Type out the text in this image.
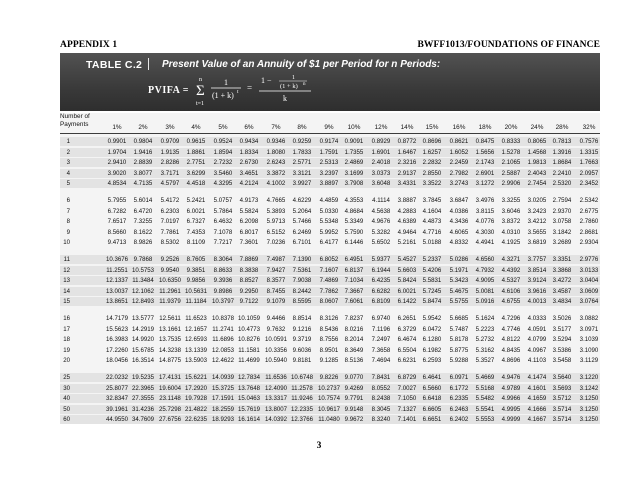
APPENDIX 1	BWFF1013/FOUNDATIONS OF FINANCE
TABLE C.2 Present Value of an Annuity of $1 per Period for n Periods:
PVIFA =
n
Σ
t=1
1
(1 + k) t =
1 −	1
(1 + k) n
k
Number of
Payments	1%	2%	3%	4%	5%	6%	7%	8%	9% 10% 12% 14% 15% 16% 18% 20% 24% 28% 32%
1	0.9901 0.9804 0.9709 0.9615 0.9524 0.9434 0.9346 0.9259 0.9174 0.9091 0.8929 0.8772 0.8696 0.8621 0.8475 0.8333 0.8065 0.7813 0.7576
2	1.9704 1.9416 1.9135 1.8861 1.8594 1.8334 1.8080 1.7833 1.7591 1.7355 1.6901 1.6467 1.6257 1.6052 1.5656 1.5278 1.4568 1.3916 1.3315
3	2.9410 2.8839 2.8286 2.7751 2.7232 2.6730 2.6243 2.5771 2.5313 2.4869 2.4018 2.3216 2.2832 2.2459 2.1743 2.1065 1.9813 1.8684 1.7663
4	3.9020 3.8077 3.7171 3.6299 3.5460 3.4651 3.3872 3.3121 3.2397 3.1699 3.0373 2.9137 2.8550 2.7982 2.6901 2.5887 2.4043 2.2410 2.0957
5	4.8534 4.7135 4.5797 4.4518 4.3295 4.2124 4.1002 3.9927 3.8897 3.7908 3.6048 3.4331 3.3522 3.2743 3.1272 2.9906 2.7454 2.5320 2.3452
6	5.7955 5.6014 5.4172 5.2421 5.0757 4.9173 4.7665 4.6229 4.4859 4.3553 4.1114 3.8887 3.7845 3.6847 3.4976 3.3255 3.0205 2.7594 2.5342
7	6.7282 6.4720 6.2303 6.0021 5.7864 5.5824 5.3893 5.2064 5.0330 4.8684 4.5638 4.2883 4.1604 4.0386 3.8115 3.6046 3.2423 2.9370 2.6775
8	7.6517 7.3255 7.0197 6.7327 6.4632 6.2098 5.9713 5.7466 5.5348 5.3349 4.9676 4.6389 4.4873 4.3436 4.0776 3.8372 3.4212 3.0758 2.7860
9	8.5660 8.1622 7.7861 7.4353 7.1078 6.8017 6.5152 6.2469 5.9952 5.7590 5.3282 4.9464 4.7716 4.6065 4.3030 4.0310 3.5655 3.1842 2.8681
10	9.4713 8.9826 8.5302 8.1109 7.7217 7.3601 7.0236 6.7101 6.4177 6.1446 5.6502 5.2161 5.0188 4.8332 4.4941 4.1925 3.6819 3.2689 2.9304
11	10.3676 9.7868 9.2526 8.7605 8.3064 7.8869 7.4987 7.1390 6.8052 6.4951 5.9377 5.4527 5.2337 5.0286 4.6560 4.3271 3.7757 3.3351 2.9776
12	11.2551 10.5753 9.9540 9.3851 8.8633 8.3838 7.9427 7.5361 7.1607 6.8137 6.1944 5.6603 5.4206 5.1971 4.7932 4.4392 3.8514 3.3868 3.0133
13	12.1337 11.3484 10.6350 9.9856 9.3936 8.8527 8.3577 7.9038 7.4869 7.1034 6.4235 5.8424 5.5831 5.3423 4.9095 4.5327 3.9124 3.4272 3.0404
14	13.0037 12.1062 11.2961 10.5631 9.8986 9.2950 8.7455 8.2442 7.7862 7.3667 6.6282 6.0021 5.7245 5.4675 5.0081 4.6106 3.9616 3.4587 3.0609
15	13.8651 12.8493 11.9379 11.1184 10.3797 9.7122 9.1079 8.5595 8.0607 7.6061 6.8109 6.1422 5.8474 5.5755 5.0916 4.6755 4.0013 3.4834 3.0764
16	14.7179 13.5777 12.5611 11.6523 10.8378 10.1059 9.4466 8.8514 8.3126 7.8237 6.9740 6.2651 5.9542 5.6685 5.1624 4.7296 4.0333 3.5026 3.0882
17	15.5623 14.2919 13.1661 12.1657 11.2741 10.4773 9.7632 9.1216 8.5436 8.0216 7.1196 6.3729 6.0472 5.7487 5.2223 4.7746 4.0591 3.5177 3.0971
18	16.3983 14.9920 13.7535 12.6593 11.6896 10.8276 10.0591 9.3719 8.7556 8.2014 7.2497 6.4674 6.1280 5.8178 5.2732 4.8122 4.0799 3.5294 3.1039
19	17.2260 15.6785 14.3238 13.1339 12.0853 11.1581 10.3356 9.6036 8.9501 8.3649 7.3658 6.5504 6.1982 5.8775 5.3162 4.8435 4.0967 3.5386 3.1090
20	18.0456 16.3514 14.8775 13.5903 12.4622 11.4699 10.5940 9.8181 9.1285 8.5136 7.4694 6.6231 6.2593 5.9288 5.3527 4.8696 4.1103 3.5458 3.1129
25	22.0232 19.5235 17.4131 15.6221 14.0939 12.7834 11.6536 10.6748 9.8226 9.0770 7.8431 6.8729 6.4641 6.0971 5.4669 4.9476 4.1474 3.5640 3.1220
30	25.8077 22.3965 19.6004 17.2920 15.3725 13.7648 12.4090 11.2578 10.2737 9.4269 8.0552 7.0027 6.5660 6.1772 5.5168 4.9789 4.1601 3.5693 3.1242
40	32.8347 27.3555 23.1148 19.7928 17.1591 15.0463 13.3317 11.9246 10.7574 9.7791 8.2438 7.1050 6.6418 6.2335 5.5482 4.9966 4.1659 3.5712 3.1250
50	39.1961 31.4236 25.7298 21.4822 18.2559 15.7619 13.8007 12.2335 10.9617 9.9148 8.3045 7.1327 6.6605 6.2463 5.5541 4.9995 4.1666 3.5714 3.1250
60	44.9550 34.7609 27.6756 22.6235 18.9293 16.1614 14.0392 12.3766 11.0480 9.9672 8.3240 7.1401 6.6651 6.2402 5.5553 4.9999 4.1667 3.5714 3.1250
3
